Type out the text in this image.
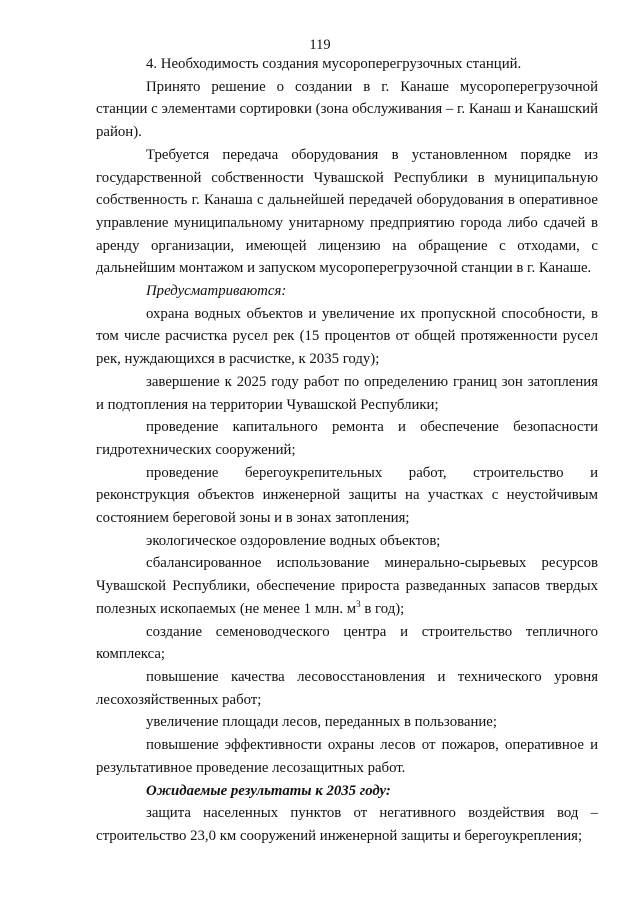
119

4. Необходимость создания мусороперегрузочных станций.

Принято решение о создании в г. Канаше мусороперегрузочной станции с элементами сортировки (зона обслуживания – г. Канаш и Канашский район).

Требуется передача оборудования в установленном порядке из государственной собственности Чувашской Республики в муниципальную собственность г. Канаша с дальнейшей передачей оборудования в оперативное управление муниципальному унитарному предприятию города либо сдачей в аренду организации, имеющей лицензию на обращение с отходами, с дальнейшим монтажом и запуском мусороперегрузочной станции в г. Канаше.

Предусматриваются:

охрана водных объектов и увеличение их пропускной способности, в том числе расчистка русел рек (15 процентов от общей протяженности русел рек, нуждающихся в расчистке, к 2035 году);

завершение к 2025 году работ по определению границ зон затопления и подтопления на территории Чувашской Республики;

проведение капитального ремонта и обеспечение безопасности гидротехнических сооружений;

проведение берегоукрепительных работ, строительство и реконструкция объектов инженерной защиты на участках с неустойчивым состоянием береговой зоны и в зонах затопления;

экологическое оздоровление водных объектов;

сбалансированное использование минерально-сырьевых ресурсов Чувашской Республики, обеспечение прироста разведанных запасов твердых полезных ископаемых (не менее 1 млн. $м^3$ в год);

создание семеноводческого центра и строительство тепличного комплекса;

повышение качества лесовосстановления и технического уровня лесохозяйственных работ;

увеличение площади лесов, переданных в пользование;

повышение эффективности охраны лесов от пожаров, оперативное и результативное проведение лесозащитных работ.

Ожидаемые результаты к 2035 году:

защита населенных пунктов от негативного воздействия вод – строительство 23,0 км сооружений инженерной защиты и берегоукрепления;
